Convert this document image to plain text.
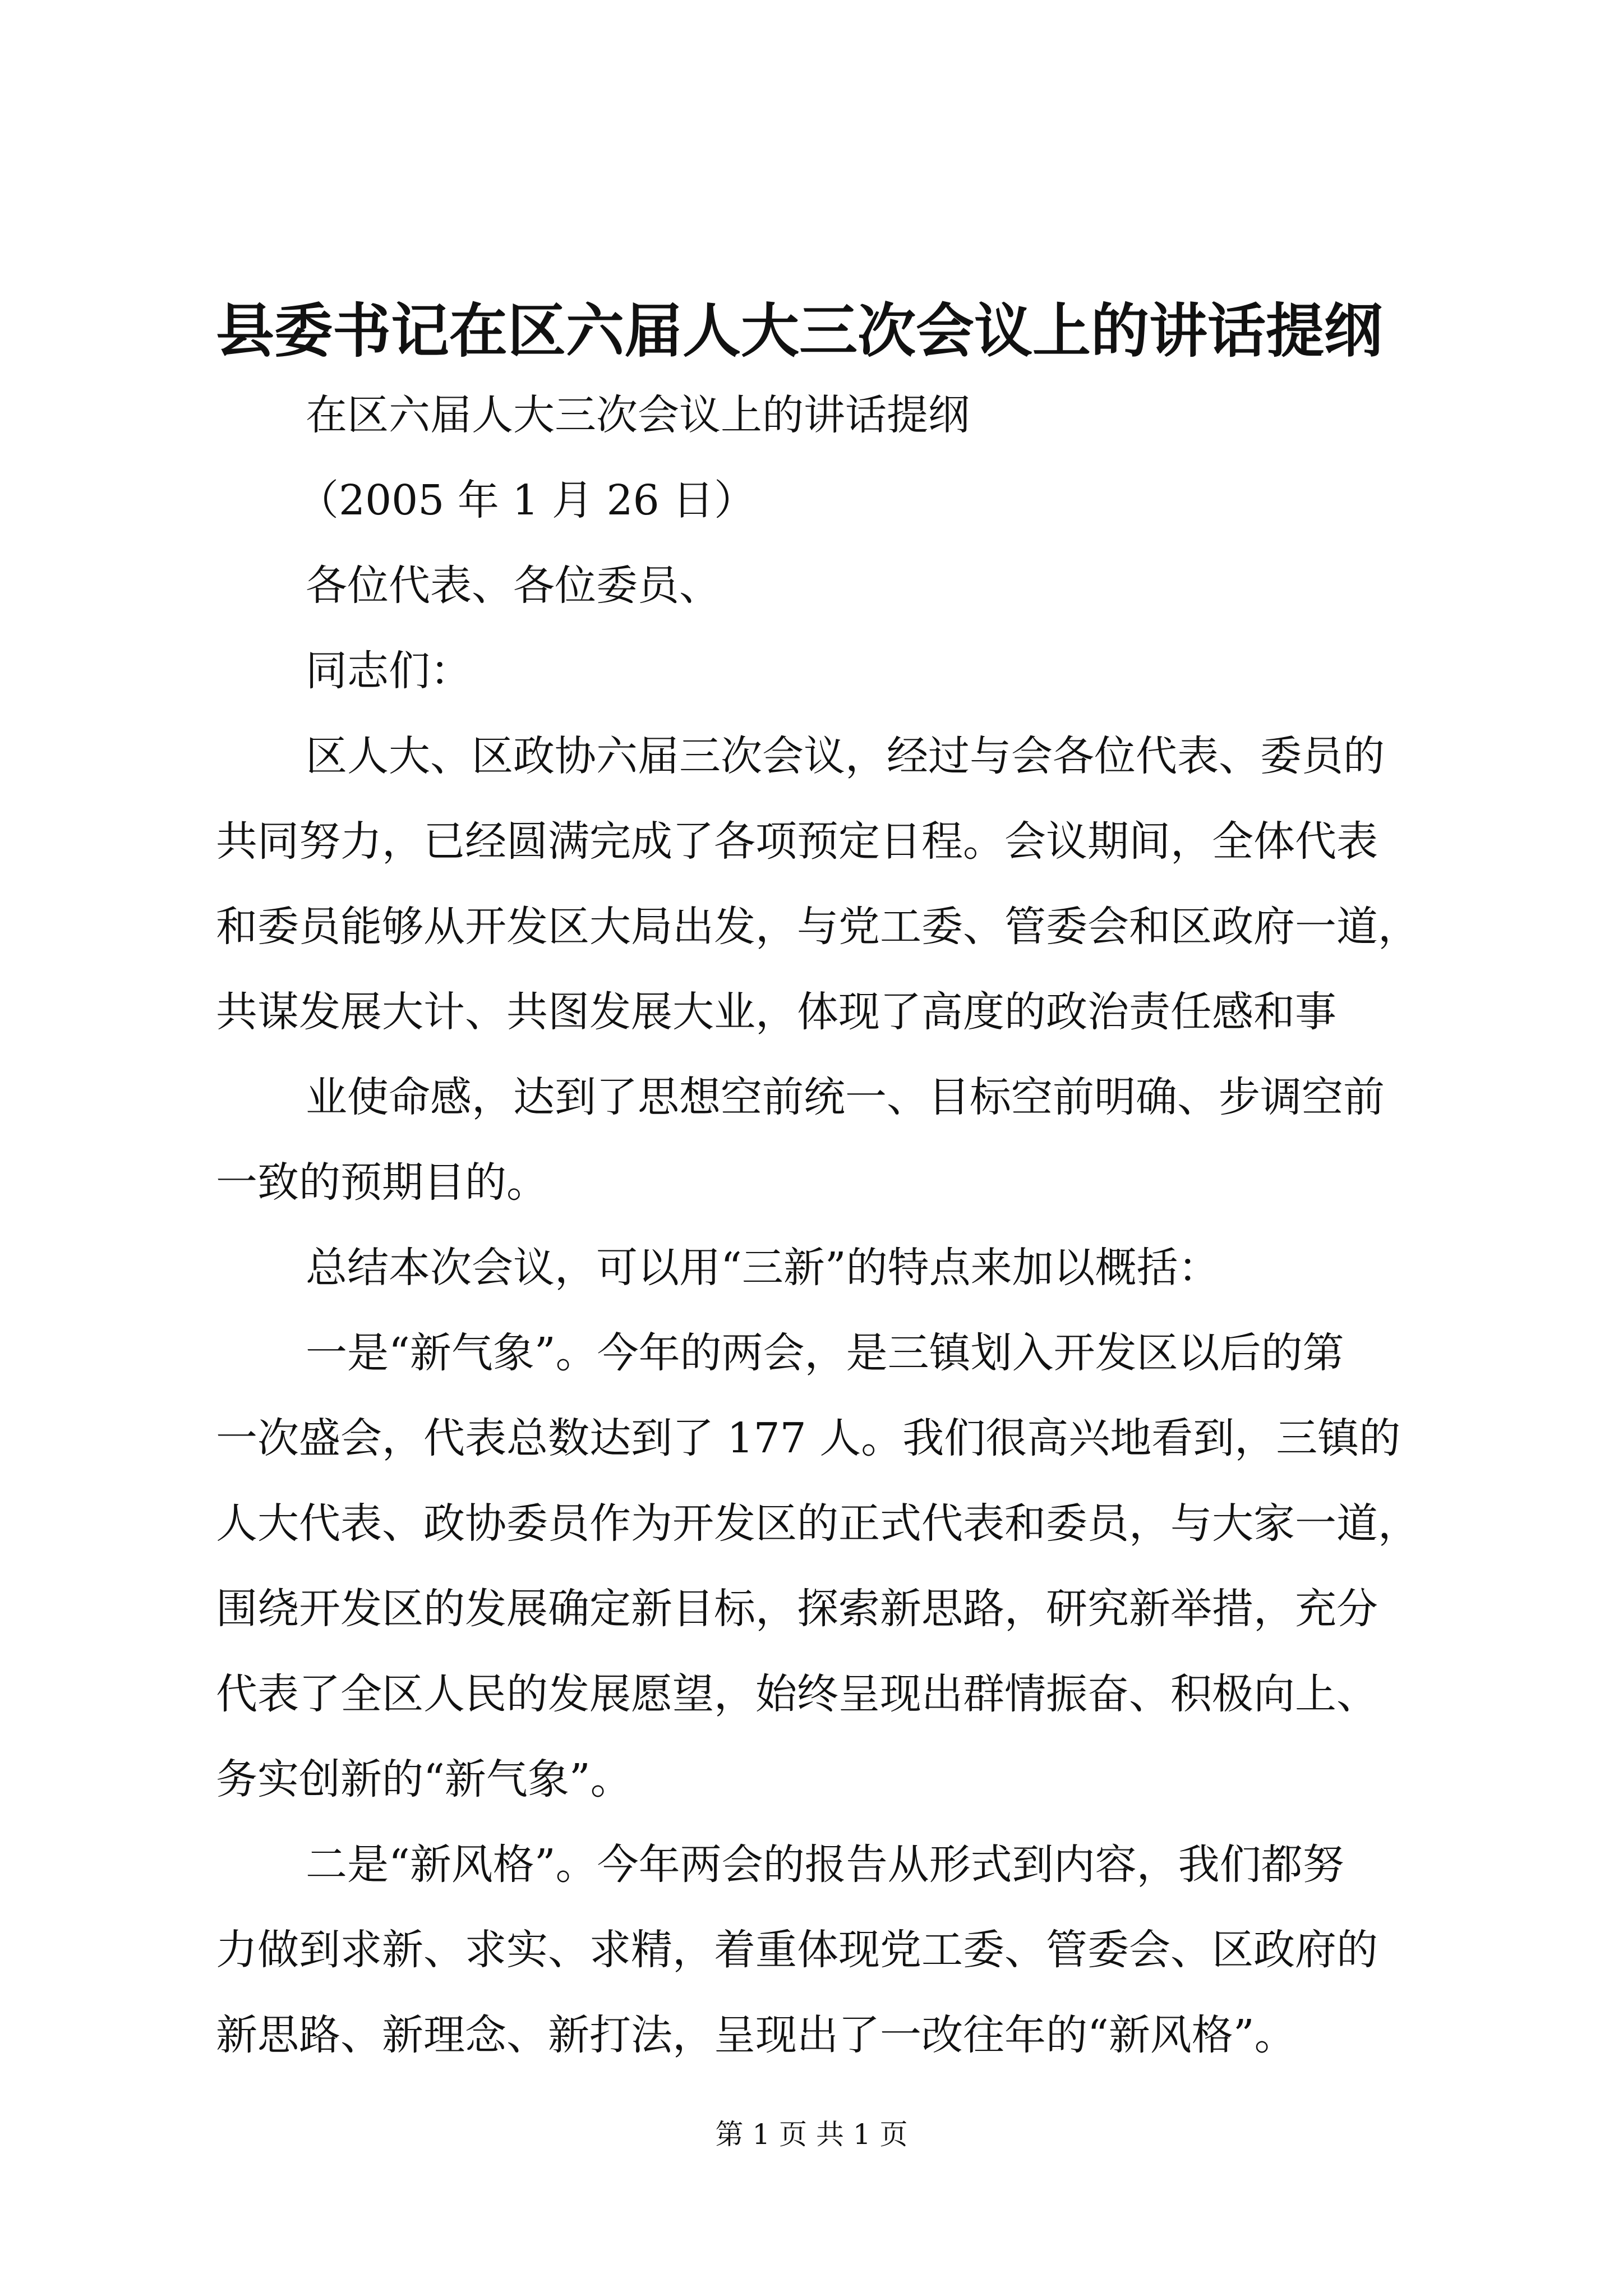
县委书记在区六届人大三次会议上的讲话提纲

在区六届人大三次会议上的讲话提纲

（2005 年 1 月 26 日）

各位代表、各位委员、

同志们：

区人大、区政协六届三次会议，经过与会各位代表、委员的

共同努力，已经圆满完成了各项预定日程。会议期间，全体代表

和委员能够从开发区大局出发，与党工委、管委会和区政府一道，

共谋发展大计、共图发展大业，体现了高度的政治责任感和事

业使命感，达到了思想空前统一、目标空前明确、步调空前

一致的预期目的。

总结本次会议，可以用“三新”的特点来加以概括：

一是“新气象”。今年的两会，是三镇划入开发区以后的第

一次盛会，代表总数达到了 177 人。我们很高兴地看到，三镇的

人大代表、政协委员作为开发区的正式代表和委员，与大家一道，

围绕开发区的发展确定新目标，探索新思路，研究新举措，充分

代表了全区人民的发展愿望，始终呈现出群情振奋、积极向上、

务实创新的“新气象”。

二是“新风格”。今年两会的报告从形式到内容，我们都努

力做到求新、求实、求精，着重体现党工委、管委会、区政府的

新思路、新理念、新打法，呈现出了一改往年的“新风格”。

第 1 页 共 1 页
